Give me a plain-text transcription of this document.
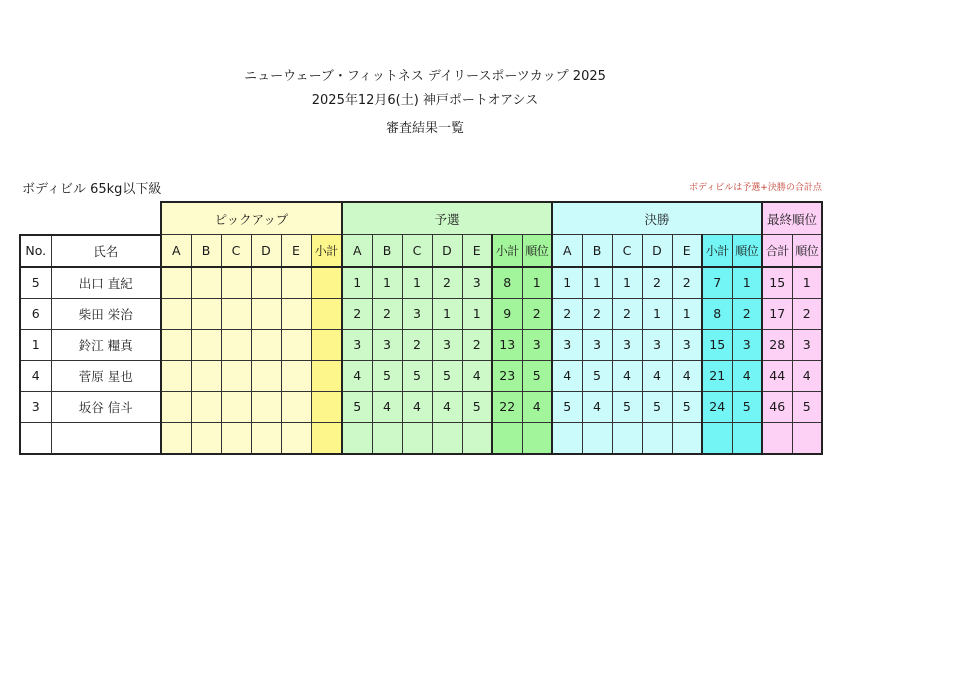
ニューウェーブ・フィットネス デイリースポーツカップ 2025
2025年12月6(土) 神戸ポートオアシス
審査結果一覧
ボディビル 65kg以下級	ボディビルは予選+決勝の合計点
		ピックアップ						予選							決勝							最終順位	
No.	氏名	A	B	C	D	E	小計	A	B	C	D	E	小計	順位	A	B	C	D	E	小計	順位	合計	順位
5	出口 直紀							1	1	1	2	3	8	1	1	1	1	2	2	7	1	15	1
6	柴田 栄治							2	2	3	1	1	9	2	2	2	2	1	1	8	2	17	2
1	鈴江 糧真							3	3	2	3	2	13	3	3	3	3	3	3	15	3	28	3
4	菅原 星也							4	5	5	5	4	23	5	4	5	4	4	4	21	4	44	4
3	坂谷 信斗							5	4	4	4	5	22	4	5	4	5	5	5	24	5	46	5
